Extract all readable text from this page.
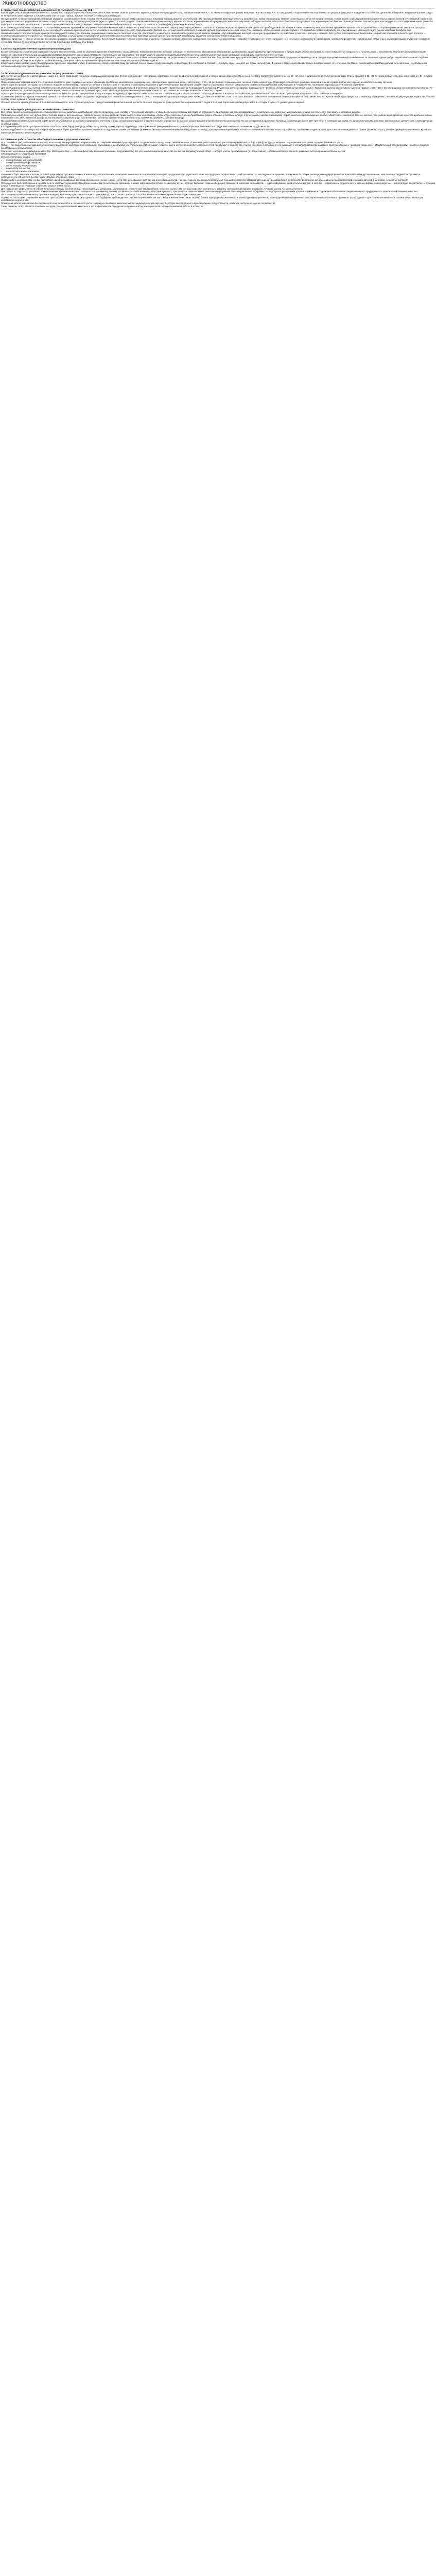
Животноводство
1. Конституция сельскохозяйственных животных по Кулешову П.Н.,Иванову М.Ф.
Конституция сельскохозяйственных животных, совокупность морфологических, биологических и хозяйственных свойств организма, характеризующих его природный склад. Впервые выражения К. с. ж. являются наружные формы животного, или экстерьер. К. с. ж. складывается под влиянием наследственных и средовых факторов и определяет способность организма реагировать на разные условия среды. П. Н. Кулешов (1949) выделил 4 основных типа конституции: грубый, нежный, плотный (сухой) и рыхлый (сырой).
По Кулешову П.Н. животные грубой конституции обладают массивным костяком, толстой кожей, грубыми рогами, сильно развитым волосяным покровом, хорошо развитой мускулатурой. Это преимущественно животные рабочего направления, примитивных пород. Нежная конституция отличается тонким костяком, тонкой кожей, слабым развитием соединительных тканей, нежной мускулатурой; характерна для животных высокопродуктивных молочных и ряда мясных пород. Плотная (сухая) конституция — сухие, с плотной, упругой, тонкой кожей без подкожного жира, крепким костяком, хорошо развитой мускулатурой; животные энергичны, обладают высокой работоспособностью и продуктивностью, хорошо приспособлены к разным условиям. Рыхлая (сырая) конституция — с толстой рыхлой кожей, развитой подкожной клетчаткой, относительно слабым костяком; животные склонны к ожирению, имеют пониженный обмен веществ, высокую скороспелость; характерна для мясных и сальных пород.
М. Ф. Иванов дополнил классификацию П. Н. Кулешова, выделив крепкую конституцию как наиболее желательную; отметил, что у животных одного и того же стада и разных пород можно встретить все типы конституции, но в разных сочетаниях и с преобладанием того или иного типа. По Иванову М.Ф. основными признаками крепкой конституции являются: хорошее развитие костяка и мускулатуры, правильность телосложения, здоровье, жизнеспособность, хорошая приспособленность к условиям внешней среды и высокая продуктивность. Крепкая конституция может сочетаться с нежным, грубым, плотным или рыхлым типом. Так, например, крепкая нежная, крепкая грубая и т. д. В практике племенной работы эта классификация используется для оценки животных и подбора пар.
Животных каждого типа конституции в разной степени удается совместить признаки, выражающие хозяйственно полезные качества. Как правило, у животных с нежной конституцией лучше развиты признаки, обусловливающие высокую молочную продуктивность, а у животных с рыхлой — мясную и сальную. Для грубого типа характерна выносливость и рабочая производительность, для плотного — сочетание продуктивности с крепостью. Выбраковка животных с ослабленной, переразвитой (изнеженной) конституцией и отбор животных крепкой конституции являются важнейшими задачами селекционно-племенной работы.
Организм животных — единое целое, где все органы и системы находятся во взаимодействии. Конституция формируется в онтогенезе под влиянием генотипа и условий кормления, содержания, тренинга. Поэтому в племенной работе учитывают не только экстерьер, но и интерьерные показатели (состав крови, активность ферментов, гормональный статус и др.), характеризующие внутреннее состояние организма. Оценка по конституции применяется при бонитировке животных всех видов.
4.Система кормоприготовления кормов и кормопроизводства
В зоне полеводства сложился ряд кормовых культур и технологических схем их заготовки, хранения и подготовки к скармливанию. Кормоприготовление включает операции по измельчению, смешиванию, запариванию, дрожжеванию, гранулированию, брикетированию и другим видам обработки кормов, которые повышают их поедаемость, питательность и усвояемость. Наиболее распространенными являются кормоприготовительные цеха и комбикормовые предприятия, на которых изготовляют полнорационные кормосмеси. Основной задачей кормопроизводства является обеспечение животных полноценными кормами в необходимом количестве в течение года.
В общей системе и интенсивных технологиях кормопроизводства предусматривается создание устойчивой кормовой базы за счет полевого кормопроизводства, улучшения естественных сенокосов и пастбищ, организации культурных пастбищ, использования побочной продукции растениеводства и отходов перерабатывающей промышленности. Решение задачи требует научно обоснованного подбора кормовых культур, их сортов и гибридов, рационального размещения посевов, применения прогрессивных технологий заготовки и хранения кормов.
В природно-климатических зонах распространены различные кормовые угодья. В лесной зоне основу кормовой базы составляют сеяные травы, кукуруза на силос, корнеплоды. В лесостепной и степной — кукуруза, сорго, многолетние травы, зернофураж. В горных и предгорных районах важное значение имеют естественные пастбища. Использование пастбищ должно быть загонным, с соблюдением оптимальной нагрузки и сроков стравливания.
24. Технология подрашив сельхоз.животных. Выращ. ремонтных хряков.
Для получения крепкого потомства большое значение имеет правильная технология подращивания молодняка. Технология включает: содержание, кормление, поение, профилактику заболеваний и ветеринарные обработки. Подсосный период у поросят составляет обычно 26—60 дней, в зависимости от принятой технологии. Отъем проводят в 26—35-дневном возрасте при раннем отъеме и в 45—60 дней при традиционном.
Поросят начинают подкармливать с 5—7-дневного возраста: дают поджаренное зерно, комбикорм-престартер, минеральную подкормку (мел, красную глину, древесный уголь), чистую воду. С 10—15 дней вводят в рацион обрат, зеленые корма, корнеплоды. Подкормка способствует развитию пищеварительного тракта и облегчает переход к самостоятельному питанию.
Отъем поросят проводят методом постепенного отстранения свиноматки. Поросят оставляют в том же станке 7—10 дней, а свиноматку переводят в другое помещение. Такой прием снижает стресс у молодняка. После отъема поросят кормят полнорационными комбикормами 5—6 раз в сутки, постепенно переходя на 3—4-кратное кормление.
Для выращивания ремонтных хряков отбирают поросят от лучших маток и хряков с высокими продуктивными показателями. В 2-месячном возрасте проводят первичную оценку по развитию и экстерьеру. Ремонтных хрячков содержат группами по 8—10 голов, обеспечивают им активный моцион. Кормление должно обеспечивать суточные приросты 550—650 г. Основу рациона составляют концентраты (70—80% питательности), в летний период — зеленые корма, зимой — корнеплоды, травяная мука, силос. Нельзя допускать ожирения ремонтных хряков, т.к. это снижает их половую активность и качество спермы.
Оценку хряков проводят по собственной продуктивности (скорость роста, толщина шпика, затраты корма на единицу прироста) и по качеству потомства. Отбор молодых хряков в основное стадо осуществляют в возрасте 8—10 месяцев при живой массе 120—140 кг. К случке хряков допускают с 10—12-месячного возраста.
Содержание ремонтных хряков. Ремонтных хрячков с 4—5-месячного возраста содержат индивидуально или небольшими группами в станках, имеющих выход в выгульные дворики. Площадь станка — не менее 2,5 кв. м на одно животное. Обязателен ежедневный активный моцион на расстояние 2—3 км. Хряков необходимо приучать к спокойному обращению с человеком, регулярно проводить чистку кожи, обрезку копыт, купание в летний период.
Половой зрелости хрячки достигают в 5—6-месячном возрасте, но к случке их допускают при достижении физиологической зрелости. Вначале нагрузка на хряка должна быть ограниченной: 1 садка в 2—3 дня. Взрослым хрякам допускается 1—2 садки в сутки, с 1 днем отдыха в неделю.
31.Классификация кормов для сельскохозяйственных животных.
Все корма, применяемые в кормлении сельскохозяйственных животных, классифицируются по происхождению, составу и питательной ценности, а также по физиологическому действию на организм. По происхождению корма подразделяют на растительные, животные, минеральные, а также синтетические препараты и кормовые добавки.
Растительные корма делят на: грубые (сено, солома, мякина, веточный корм, травяная резка); сочные (зеленая трава, силос, сенаж, корнеплоды, клубнеплоды, бахчевые); концентрированные (зерно злаковых и бобовых культур, отруби, жмыхи, шроты, комбикорма). Корма животного происхождения: молоко, обрат, пахта, сыворотка, мясная, мясокостная, рыбная мука, кровяная мука. Минеральные корма: поваренная соль, мел, известняк, фосфаты, костная мука, сапропель и др. Синтетические: мочевина, синтетические аминокислоты, витамины, ферменты, антибиотики и др.
По содержанию питательных веществ корма делят на: объемистые (с высоким содержанием клетчатки и воды, низкой концентрацией энергии) и концентрированные (с высокой концентрацией энергии и питательных веществ). По составу протеина различают: белковые (содержащие более 20% протеина) и углеводистые корма. По физиологическому действию: молокогонные, диетические, стимулирующие, лечебные корма.
К отходам перерабатывающей промышленности относят: жом, барду, пивную дробину, мезгу, патоку, жмыхи, шроты, отруби и др. Эти корма имеют разную питательность и используются в зависимости от вида животных и направления их продуктивности.
Кормовые добавки — это вещества, которые добавляют в корма для балансирования рационов по отдельным элементам питания (премиксы, белково-витаминно-минеральные добавки — БВМД), для улучшения переваримости и использования питательных веществ (ферменты, пробиотики, подкислители), для повышения поедаемости кормов (ароматизаторы), для консервации и улучшения сохранности кормов (консерванты, антиоксиданты).
40. Племенная работа. Понятие об отборе,его значение в улучшении животных.
Под племенной работой понимают комплекс зоотехнических мероприятий, направленных на совершенствование существующих и создание новых пород, типов, линий животных. Племенная работа включает: учет и оценку животных, отбор, подбор, методы разведения, выращивание молодняка, ведение племенного учета.
Отбор — это выделение из стада для дальнейшего разведения животных с желательными признаками и выбраковка нежелательных. Отбор бывает естественный и искусственный. Естественный отбор происходит в природе без участия человека, в результате чего выживают и оставляют потомство наиболее приспособленные к условиям среды особи. Искусственный отбор проводит человек, исходя из хозяйственных потребностей.
Различают массовый и индивидуальный отбор. Массовый отбор — отбор по фенотипу (внешним признакам, продуктивности) без учета происхождения и качества потомства. Индивидуальный отбор — отбор с учетом происхождения (по родословной), собственной продуктивности, развития, экстерьера и качества потомства.
Отбор проводят по следующим признакам:
Основные признаки отбора:
• по происхождению (родословной);
• по собственной продуктивности;
• по экстерьеру и конституции;
• по качеству потомства.
• по технологическим признакам.
Значение отбора заключается в том, что благодаря ему в стаде накапливаются животные с желательными признаками, повышается генетический потенциал продуктивности, улучшается качество продукции. Эффективность отбора зависит от наследуемости признака, интенсивности отбора, селекционного дифференциала и интервала между поколениями. Чем выше наследуемость признака и напряженность отбора, тем быстрее идет совершенствование стада.
Оценку животных по качеству потомства считают наиболее надежным методом определения племенной ценности. Особенно важна такая оценка для производителей, так как от одного производителя получают большое количество потомков. Для оценки производителей по потомству используют методы сравнения дочерей со сверстницами, дочерей с матерями, а также метод BLUP.
Отбор должен быть постоянным и проводиться по комплексу признаков. Одновременный отбор по нескольким признакам снижает интенсивность отбора по каждому из них, поэтому выделяют главные (ведущие) признаки. В молочном скотоводстве — удой, содержание жира и белка в молоке, в мясном — живая масса, скорость роста, мясные формы, в свиноводстве — многоплодие, скороспелость, толщина шпика, в овцеводстве — настриг и качество шерсти, живая масса.
Для повышения эффективности отбора используют методы биотехнологии: трансплантацию эмбрионов, клонирование, генетическое маркирование, геномную оценку. Эти методы позволяют значительно ускорить селекционный процесс и повысить точность оценки племенных качеств.
При отборе в стаде также учитывают технологические признаки животных: пригодность к машинному доению, устойчивость к заболеваниям, нрав (темперамент), пригодность к промышленной технологии содержания. Целенаправленный отбор вместе с подбором и улучшением условий кормления и содержания обеспечивает неуклонный рост продуктивности сельскохозяйственных животных.
На основании оценки по комплексу признаков каждому животному присваивается класс (элита-рекорд, элита, I класс, II класс). Эта работа называется бонитировкой и проводится ежегодно.
Подбор — это система спаривания животных, при которой к каждой матке (или группе маток) подбирают производителя с целью получения потомства с желательными качествами. Подбор бывает однородный (гомогенный) и разнородный (гетерогенный). Однородный подбор применяют для закрепления желательных признаков, разнородный — для получения животных с новыми качествами и для исправления недостатков.
Племенная работа невозможна без тщательного зоотехнического и племенного учета. На каждое племенное животное заводят индивидуальную карточку, в которую вносят данные о происхождении, продуктивности, развитии, экстерьере, оценке по потомству.
Таким образом, отбор является основным методом совершенствования животных, а его эффективность определяется правильной организацией всей системы племенной работы в хозяйстве.
